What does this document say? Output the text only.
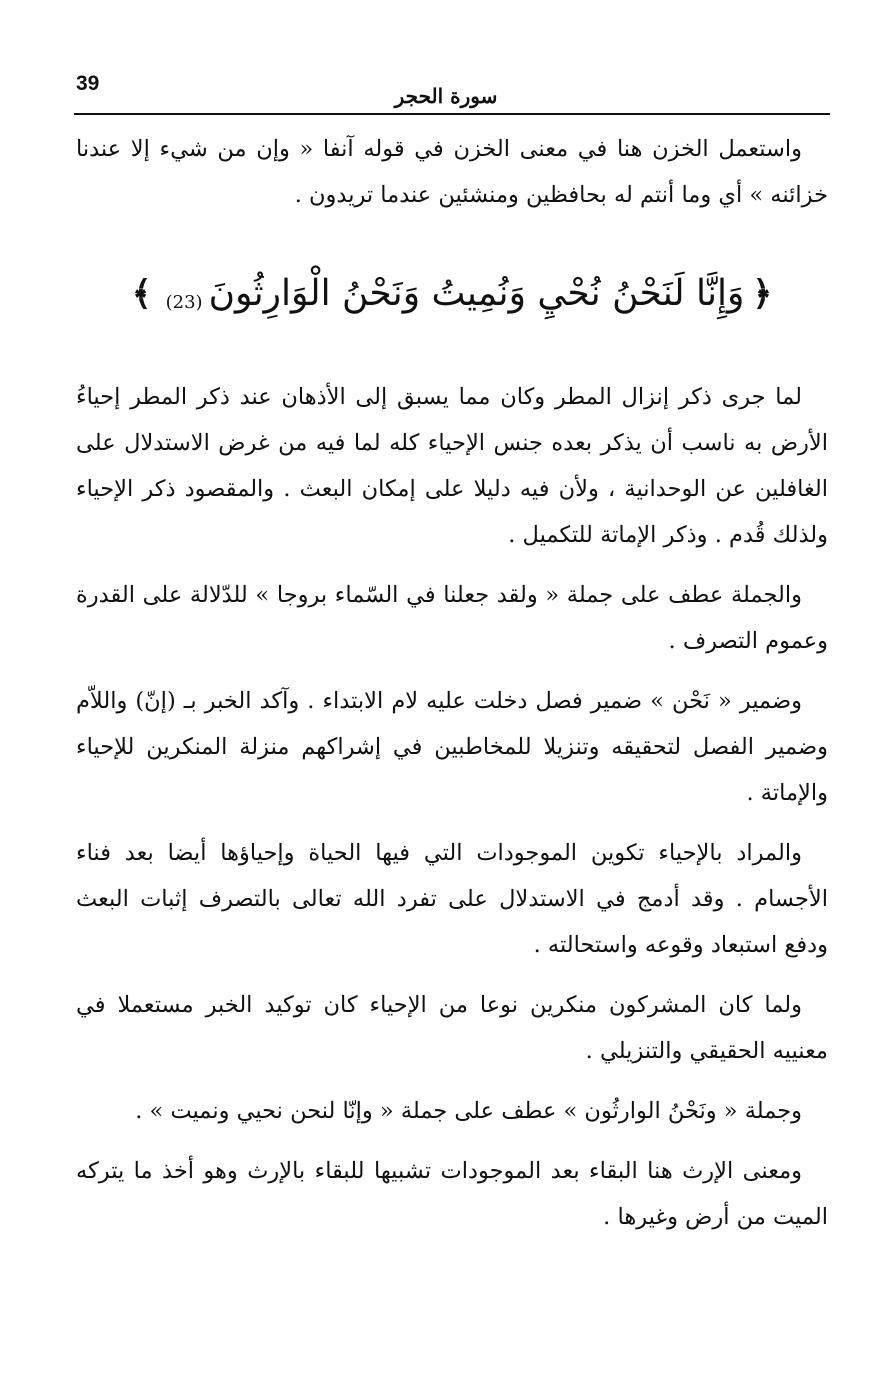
39
سورة الحجر

واستعمل الخزن هنا في معنى الخزن في قوله آنفا « وإن من شيء إلا عندنا خزائنه » أي وما أنتم له بحافظين ومنشئين عندما تريدون .

﴿
وَإِنَّا لَنَحْنُ نُحْيِ وَنُمِيتُ وَنَحْنُ الْوَارِثُونَ
(23)
﴾

لما جرى ذكر إنزال المطر وكان مما يسبق إلى الأذهان عند ذكر المطر إحياءُ الأرض به ناسب أن يذكر بعده جنس الإحياء كله لما فيه من غرض الاستدلال على الغافلين عن الوحدانية ، ولأن فيه دليلا على إمكان البعث . والمقصود ذكر الإحياء ولذلك قُدم . وذكر الإماتة للتكميل .

والجملة عطف على جملة « ولقد جعلنا في السّماء بروجا » للدّلالة على القدرة وعموم التصرف .

وضمير « نَحْن » ضمير فصل دخلت عليه لام الابتداء . وآكد الخبر بـ (إنّ) واللاّم وضمير الفصل لتحقيقه وتنزيلا للمخاطبين في إشراكهم منزلة المنكرين للإحياء والإماتة .

والمراد بالإحياء تكوين الموجودات التي فيها الحياة وإحياؤها أيضا بعد فناء الأجسام . وقد أدمج في الاستدلال على تفرد الله تعالى بالتصرف إثبات البعث ودفع استبعاد وقوعه واستحالته .

ولما كان المشركون منكرين نوعا من الإحياء كان توكيد الخبر مستعملا في معنييه الحقيقي والتنزيلي .

وجملة « ونَحْنُ الوارثُون » عطف على جملة « وإنّا لنحن نحيي ونميت » .

ومعنى الإرث هنا البقاء بعد الموجودات تشبيها للبقاء بالإرث وهو أخذ ما يتركه الميت من أرض وغيرها .
